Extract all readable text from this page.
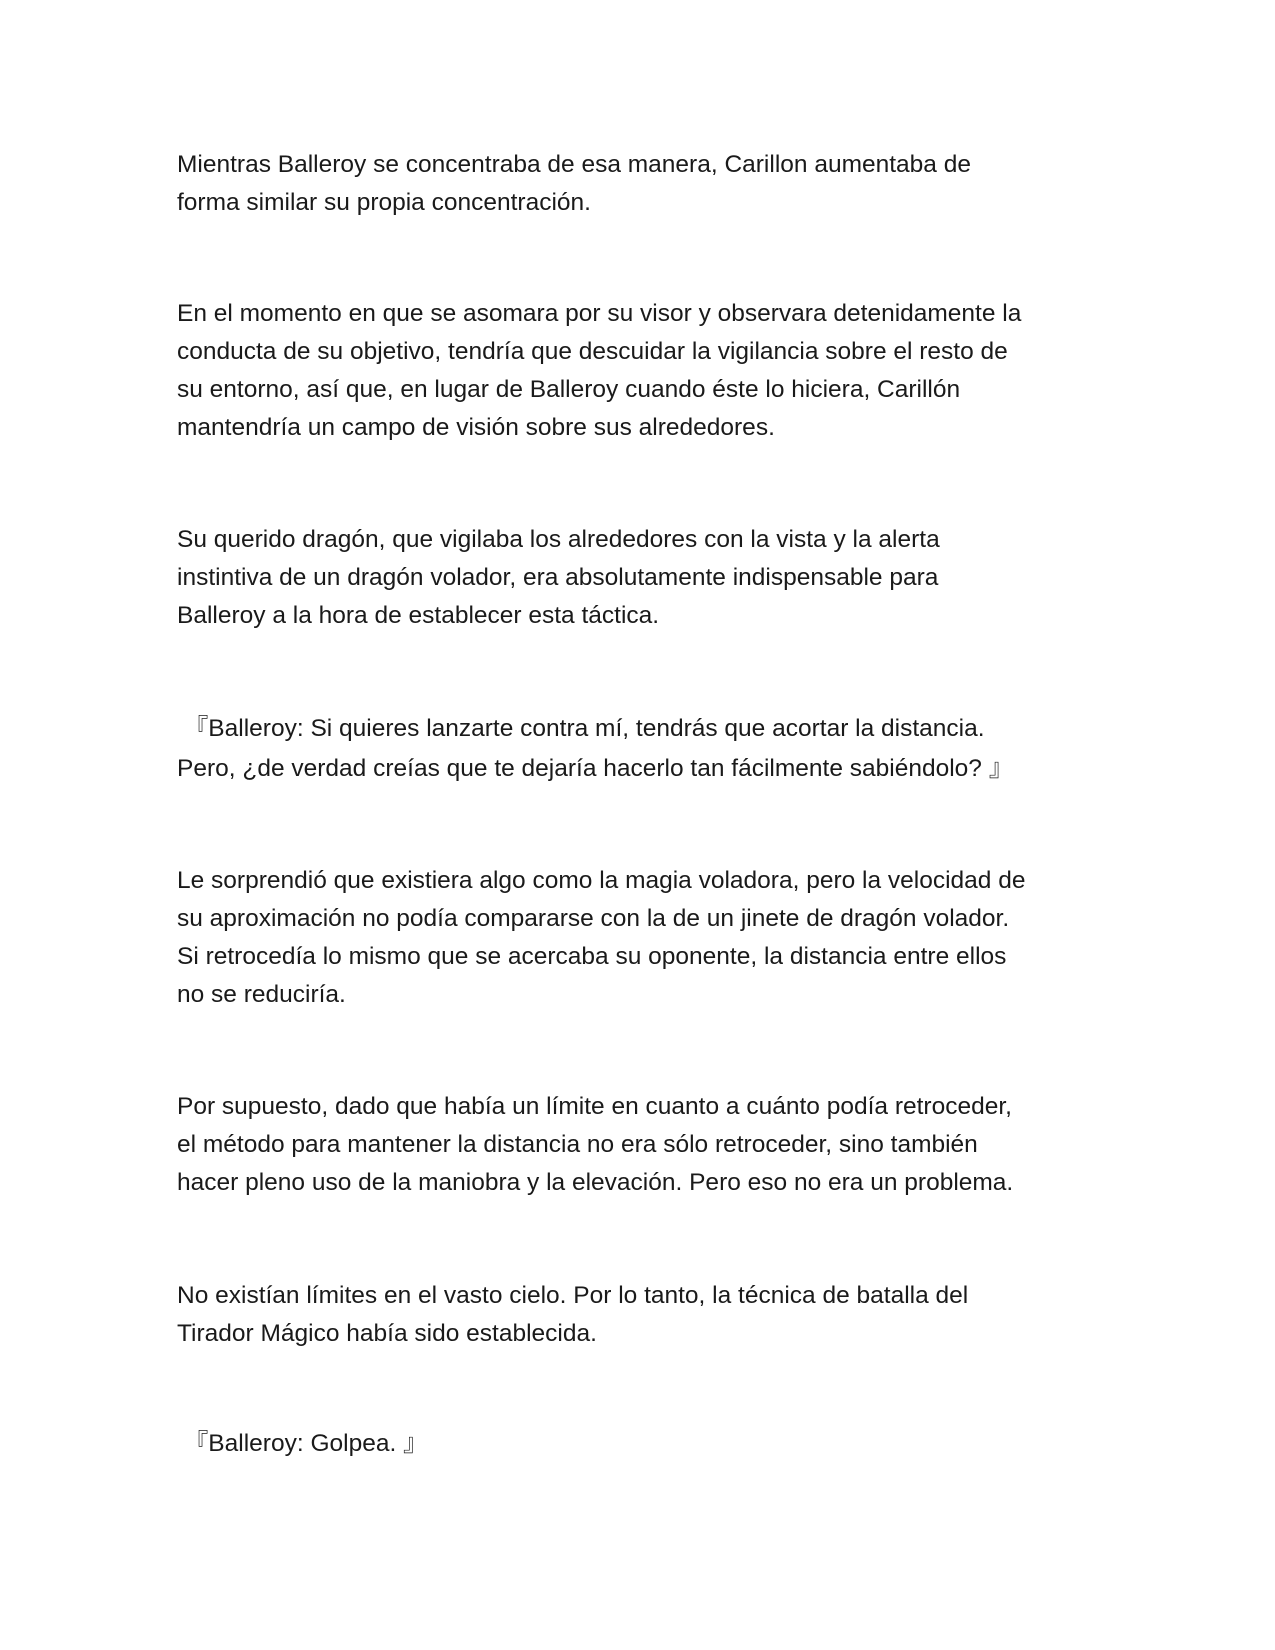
Mientras Balleroy se concentraba de esa manera, Carillon aumentaba de
forma similar su propia concentración.

En el momento en que se asomara por su visor y observara detenidamente la
conducta de su objetivo, tendría que descuidar la vigilancia sobre el resto de
su entorno, así que, en lugar de Balleroy cuando éste lo hiciera, Carillón
mantendría un campo de visión sobre sus alrededores.

Su querido dragón, que vigilaba los alrededores con la vista y la alerta
instintiva de un dragón volador, era absolutamente indispensable para
Balleroy a la hora de establecer esta táctica.

『Balleroy: Si quieres lanzarte contra mí, tendrás que acortar la distancia.
Pero, ¿de verdad creías que te dejaría hacerlo tan fácilmente sabiéndolo? 』

Le sorprendió que existiera algo como la magia voladora, pero la velocidad de
su aproximación no podía compararse con la de un jinete de dragón volador.
Si retrocedía lo mismo que se acercaba su oponente, la distancia entre ellos
no se reduciría.

Por supuesto, dado que había un límite en cuanto a cuánto podía retroceder,
el método para mantener la distancia no era sólo retroceder, sino también
hacer pleno uso de la maniobra y la elevación. Pero eso no era un problema.

No existían límites en el vasto cielo. Por lo tanto, la técnica de batalla del
Tirador Mágico había sido establecida.

『Balleroy: Golpea. 』
